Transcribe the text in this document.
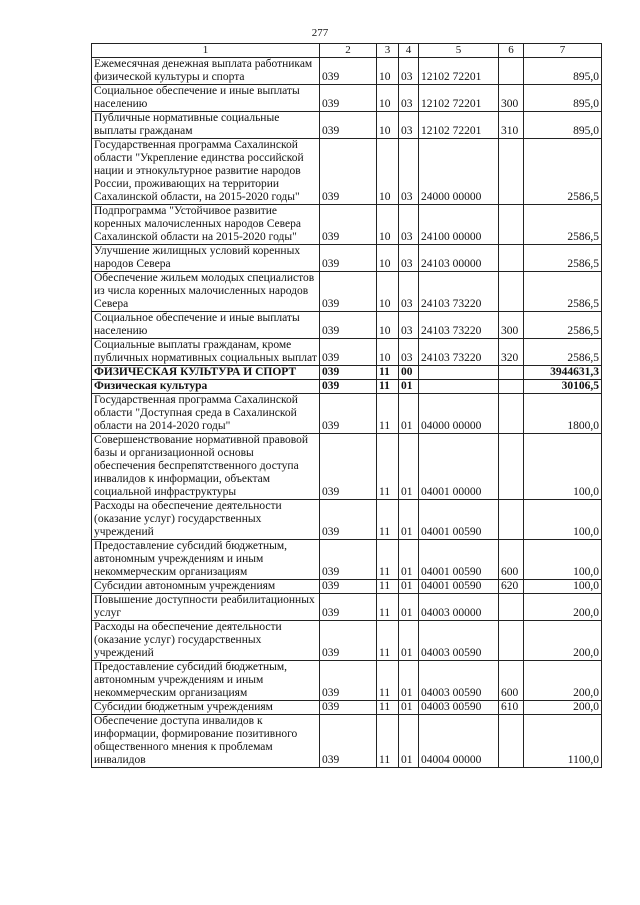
277
1	2	3	4	5	6	7
Ежемесячная денежная выплата работникам физической культуры и спорта	039	10	03	12102 72201		895,0
Социальное обеспечение и иные выплаты населению	039	10	03	12102 72201	300	895,0
Публичные нормативные социальные выплаты гражданам	039	10	03	12102 72201	310	895,0
Государственная программа Сахалинской области "Укрепление единства российской нации и этнокультурное развитие народов России, проживающих на территории Сахалинской области, на 2015-2020 годы"	039	10	03	24000 00000		2586,5
Подпрограмма "Устойчивое развитие коренных малочисленных народов Севера Сахалинской области на 2015-2020 годы"	039	10	03	24100 00000		2586,5
Улучшение жилищных условий коренных народов Севера	039	10	03	24103 00000		2586,5
Обеспечение жильем молодых специалистов из числа коренных малочисленных народов Севера	039	10	03	24103 73220		2586,5
Социальное обеспечение и иные выплаты населению	039	10	03	24103 73220	300	2586,5
Социальные выплаты гражданам, кроме публичных нормативных социальных выплат	039	10	03	24103 73220	320	2586,5
ФИЗИЧЕСКАЯ КУЛЬТУРА И СПОРТ	039	11	00			3944631,3
Физическая культура	039	11	01			30106,5
Государственная программа Сахалинской области "Доступная среда в Сахалинской области на 2014-2020 годы"	039	11	01	04000 00000		1800,0
Совершенствование нормативной правовой базы и организационной основы обеспечения беспрепятственного доступа инвалидов к информации, объектам социальной инфраструктуры	039	11	01	04001 00000		100,0
Расходы на обеспечение деятельности (оказание услуг) государственных учреждений	039	11	01	04001 00590		100,0
Предоставление субсидий бюджетным, автономным учреждениям и иным некоммерческим организациям	039	11	01	04001 00590	600	100,0
Субсидии автономным учреждениям	039	11	01	04001 00590	620	100,0
Повышение доступности реабилитационных услуг	039	11	01	04003 00000		200,0
Расходы на обеспечение деятельности (оказание услуг) государственных учреждений	039	11	01	04003 00590		200,0
Предоставление субсидий бюджетным, автономным учреждениям и иным некоммерческим организациям	039	11	01	04003 00590	600	200,0
Субсидии бюджетным учреждениям	039	11	01	04003 00590	610	200,0
Обеспечение доступа инвалидов к информации, формирование позитивного общественного мнения к проблемам инвалидов	039	11	01	04004 00000		1100,0
